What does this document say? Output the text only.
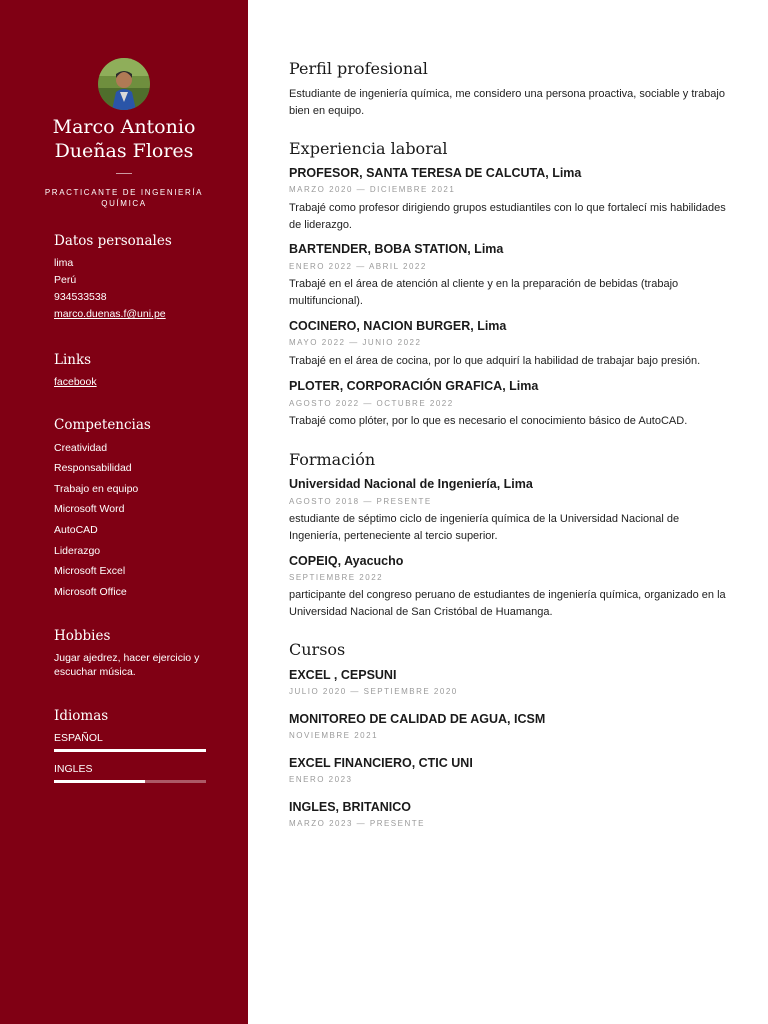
Marco Antonio Dueñas Flores
PRACTICANTE DE INGENIERÍA QUÍMICA
Datos personales
lima
Perú
934533538
marco.duenas.f@uni.pe
Links
facebook
Competencias
Creatividad
Responsabilidad
Trabajo en equipo
Microsoft Word
AutoCAD
Liderazgo
Microsoft Excel
Microsoft Office
Hobbies
Jugar ajedrez, hacer ejercicio y escuchar música.
Idiomas
ESPAÑOL
INGLES
Perfil profesional
Estudiante de ingeniería química, me considero una persona proactiva, sociable y trabajo bien en equipo.
Experiencia laboral
PROFESOR, SANTA TERESA DE CALCUTA, Lima
MARZO 2020 — DICIEMBRE 2021
Trabajé como profesor dirigiendo grupos estudiantiles con lo que fortalecí mis habilidades de liderazgo.
BARTENDER, BOBA STATION, Lima
ENERO 2022 — ABRIL 2022
Trabajé en el área de atención al cliente y en la preparación de bebidas (trabajo multifuncional).
COCINERO, NACION BURGER, Lima
MAYO 2022 — JUNIO 2022
Trabajé en el área de cocina, por lo que adquirí la habilidad de trabajar bajo presión.
PLOTER, CORPORACIÓN GRAFICA, Lima
AGOSTO 2022 — OCTUBRE 2022
Trabajé como plóter, por lo que es necesario el conocimiento básico de AutoCAD.
Formación
Universidad Nacional de Ingeniería, Lima
AGOSTO 2018 — PRESENTE
estudiante de séptimo ciclo de ingeniería química de la Universidad Nacional de Ingeniería, perteneciente al tercio superior.
COPEIQ, Ayacucho
SEPTIEMBRE 2022
participante del congreso peruano de estudiantes de ingeniería química, organizado en la Universidad Nacional de San Cristóbal de Huamanga.
Cursos
EXCEL , CEPSUNI
JULIO 2020 — SEPTIEMBRE 2020
MONITOREO DE CALIDAD DE AGUA, ICSM
NOVIEMBRE 2021
EXCEL FINANCIERO, CTIC UNI
ENERO 2023
INGLES, BRITANICO
MARZO 2023 — PRESENTE
